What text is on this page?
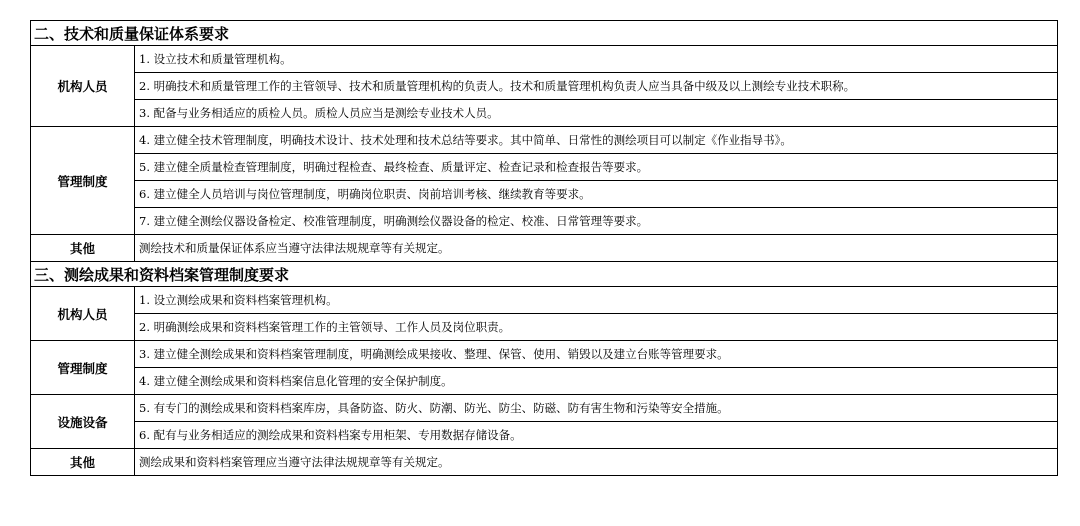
二、技术和质量保证体系要求	
机构人员	1. 设立技术和质量管理机构。
	2. 明确技术和质量管理工作的主管领导、技术和质量管理机构的负责人。技术和质量管理机构负责人应当具备中级及以上测绘专业技术职称。
	3. 配备与业务相适应的质检人员。质检人员应当是测绘专业技术人员。
管理制度	4. 建立健全技术管理制度，明确技术设计、技术处理和技术总结等要求。其中简单、日常性的测绘项目可以制定《作业指导书》。
	5. 建立健全质量检查管理制度，明确过程检查、最终检查、质量评定、检查记录和检查报告等要求。
	6. 建立健全人员培训与岗位管理制度，明确岗位职责、岗前培训考核、继续教育等要求。
	7. 建立健全测绘仪器设备检定、校准管理制度，明确测绘仪器设备的检定、校准、日常管理等要求。
其他	测绘技术和质量保证体系应当遵守法律法规规章等有关规定。
三、测绘成果和资料档案管理制度要求	
机构人员	1. 设立测绘成果和资料档案管理机构。
	2. 明确测绘成果和资料档案管理工作的主管领导、工作人员及岗位职责。
管理制度	3. 建立健全测绘成果和资料档案管理制度，明确测绘成果接收、整理、保管、使用、销毁以及建立台账等管理要求。
	4. 建立健全测绘成果和资料档案信息化管理的安全保护制度。
设施设备	5. 有专门的测绘成果和资料档案库房，具备防盗、防火、防潮、防光、防尘、防磁、防有害生物和污染等安全措施。
	6. 配有与业务相适应的测绘成果和资料档案专用柜架、专用数据存储设备。
其他	测绘成果和资料档案管理应当遵守法律法规规章等有关规定。
